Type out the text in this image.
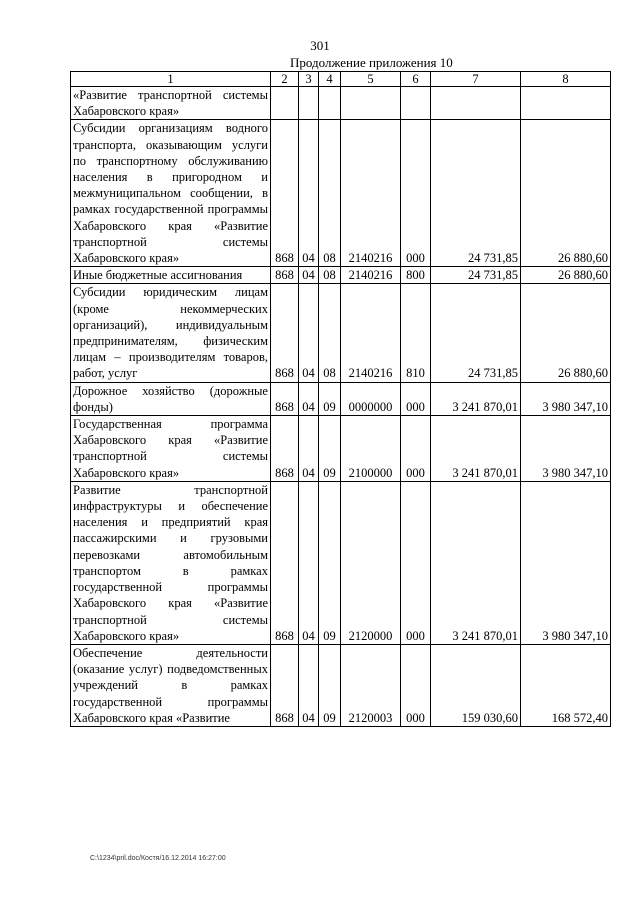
301
Продолжение приложения 10
1	2	3	4	5	6	7	8
«Развитие транспортной системы Хабаровского края»							
Субсидии организациям водного транспорта, оказывающим услуги по транспортному обслуживанию населения в пригородном и межмуниципальном сообщении, в рамках государственной программы Хабаровского края «Развитие транспортной системы Хабаровского края»	868	04	08	2140216	000	24 731,85	26 880,60
Иные бюджетные ассигнования	868	04	08	2140216	800	24 731,85	26 880,60
Субсидии юридическим лицам (кроме некоммерческих организаций), индивидуальным предпринимателям, физическим лицам – производителям товаров, работ, услуг	868	04	08	2140216	810	24 731,85	26 880,60
Дорожное хозяйство (дорожные фонды)	868	04	09	0000000	000	3 241 870,01	3 980 347,10
Государственная программа Хабаровского края «Развитие транспортной системы Хабаровского края»	868	04	09	2100000	000	3 241 870,01	3 980 347,10
Развитие транспортной инфраструктуры и обеспечение населения и предприятий края пассажирскими и грузовыми перевозками автомобильным транспортом в рамках государственной программы Хабаровского края «Развитие транспортной системы Хабаровского края»	868	04	09	2120000	000	3 241 870,01	3 980 347,10
Обеспечение деятельности (оказание услуг) подведомственных учреждений в рамках государственной программы Хабаровского края «Развитие	868	04	09	2120003	000	159 030,60	168 572,40
C:\1234\pril.doc/Костя/16.12.2014 16:27:00
